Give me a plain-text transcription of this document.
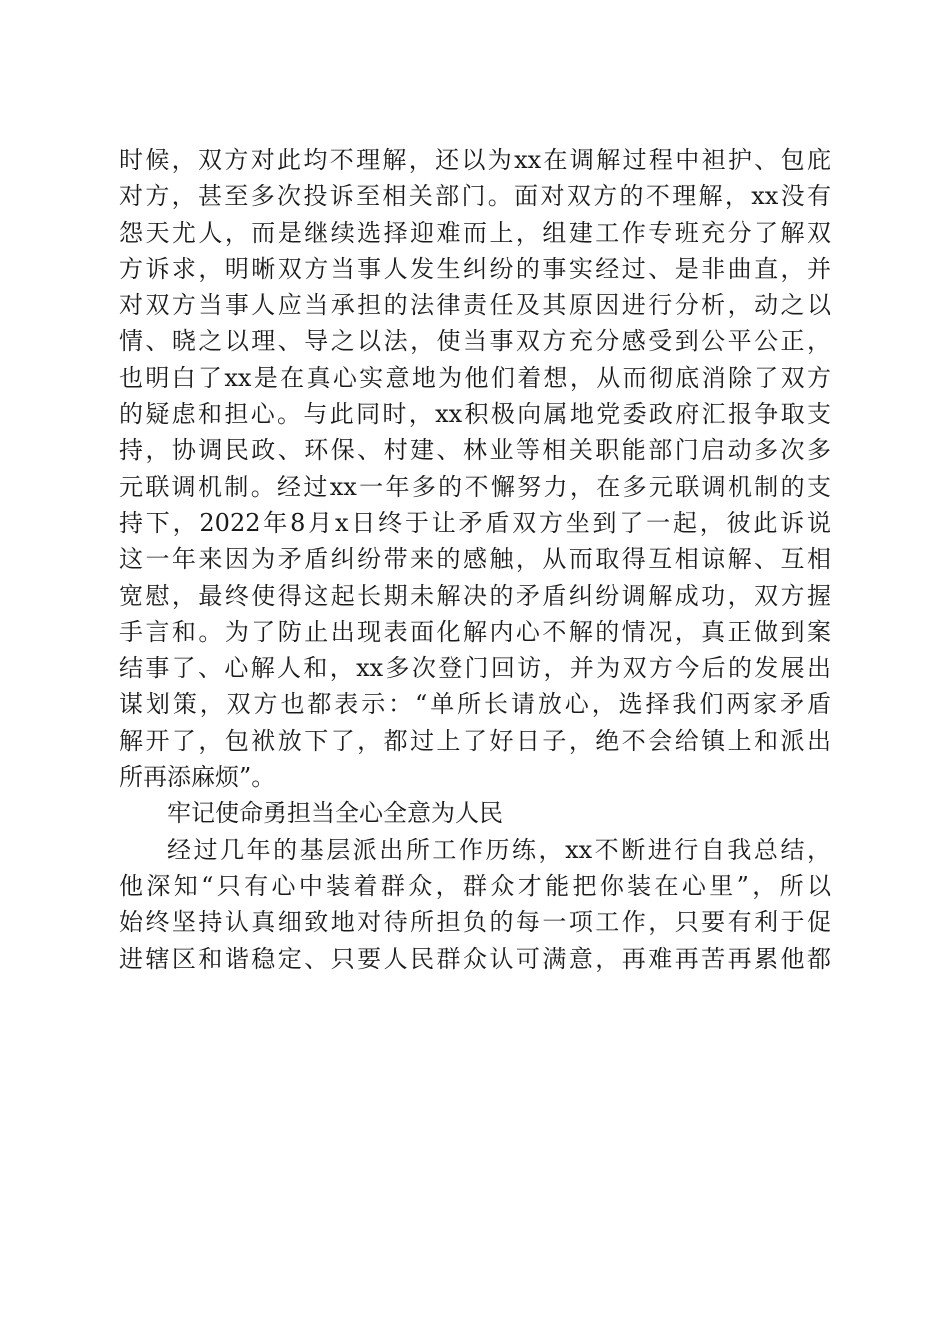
时候，双方对此均不理解，还以为xx在调解过程中袒护、包庇
对方，甚至多次投诉至相关部门。面对双方的不理解，xx没有
怨天尤人，而是继续选择迎难而上，组建工作专班充分了解双
方诉求，明晰双方当事人发生纠纷的事实经过、是非曲直，并
对双方当事人应当承担的法律责任及其原因进行分析，动之以
情、晓之以理、导之以法，使当事双方充分感受到公平公正，
也明白了xx是在真心实意地为他们着想，从而彻底消除了双方
的疑虑和担心。与此同时，xx积极向属地党委政府汇报争取支
持，协调民政、环保、村建、林业等相关职能部门启动多次多
元联调机制。经过xx一年多的不懈努力，在多元联调机制的支
持下，2022年8月x日终于让矛盾双方坐到了一起，彼此诉说
这一年来因为矛盾纠纷带来的感触，从而取得互相谅解、互相
宽慰，最终使得这起长期未解决的矛盾纠纷调解成功，双方握
手言和。为了防止出现表面化解内心不解的情况，真正做到案
结事了、心解人和，xx多次登门回访，并为双方今后的发展出
谋划策，双方也都表示：“单所长请放心，选择我们两家矛盾
解开了，包袱放下了，都过上了好日子，绝不会给镇上和派出
所再添麻烦”。
牢记使命勇担当全心全意为人民
经过几年的基层派出所工作历练，xx不断进行自我总结，
他深知“只有心中装着群众，群众才能把你装在心里”，所以
始终坚持认真细致地对待所担负的每一项工作，只要有利于促
进辖区和谐稳定、只要人民群众认可满意，再难再苦再累他都
